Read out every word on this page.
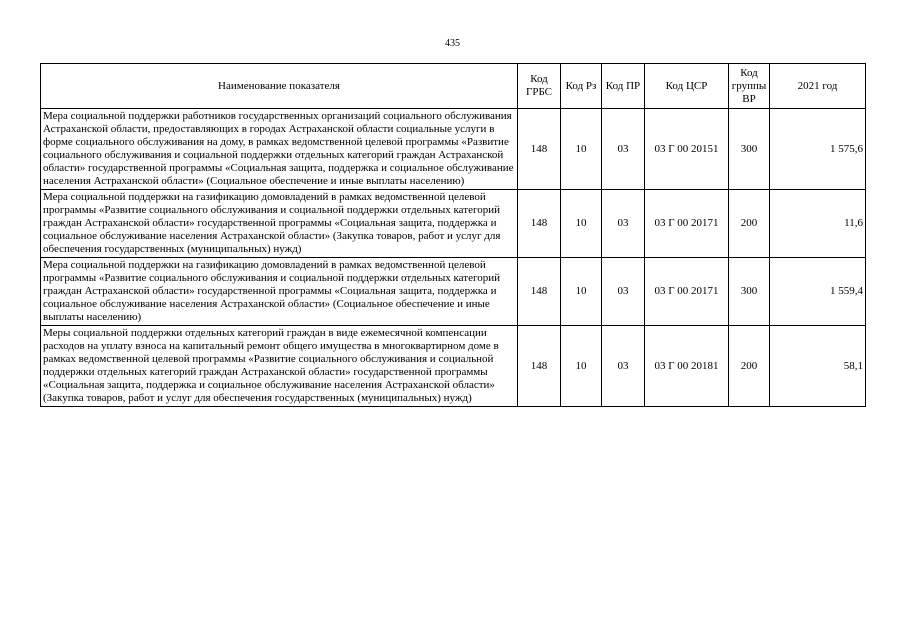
435
Наименование показателя	Код ГРБС	Код Рз	Код ПР	Код ЦСР	Код группы ВР	2021 год
Мера социальной поддержки работников государственных организаций социального обслуживания Астраханской области, предоставляющих в городах Астраханской области социальные услуги в форме социального обслуживания на дому, в рамках ведомственной целевой программы «Развитие социального обслуживания и социальной поддержки отдельных категорий граждан Астраханской области» государственной программы «Социальная защита, поддержка и социальное обслуживание населения Астраханской области» (Социальное обеспечение и иные выплаты населению)	148	10	03	03 Г 00 20151	300	1 575,6
Мера социальной поддержки на газификацию домовладений в рамках ведомственной целевой программы «Развитие социального обслуживания и социальной поддержки отдельных категорий граждан Астраханской области» государственной программы «Социальная защита, поддержка и социальное обслуживание населения Астраханской области» (Закупка товаров, работ и услуг для обеспечения государственных (муниципальных) нужд)	148	10	03	03 Г 00 20171	200	11,6
Мера социальной поддержки на газификацию домовладений в рамках ведомственной целевой программы «Развитие социального обслуживания и социальной поддержки отдельных категорий граждан Астраханской области» государственной программы «Социальная защита, поддержка и социальное обслуживание населения Астраханской области» (Социальное обеспечение и иные выплаты населению)	148	10	03	03 Г 00 20171	300	1 559,4
Меры социальной поддержки отдельных категорий граждан в виде ежемесячной компенсации расходов на уплату взноса на капитальный ремонт общего имущества в многоквартирном доме в рамках ведомственной целевой программы «Развитие социального обслуживания и социальной поддержки отдельных категорий граждан Астраханской области» государственной программы «Социальная защита, поддержка и социальное обслуживание населения Астраханской области» (Закупка товаров, работ и услуг для обеспечения государственных (муниципальных) нужд)	148	10	03	03 Г 00 20181	200	58,1
